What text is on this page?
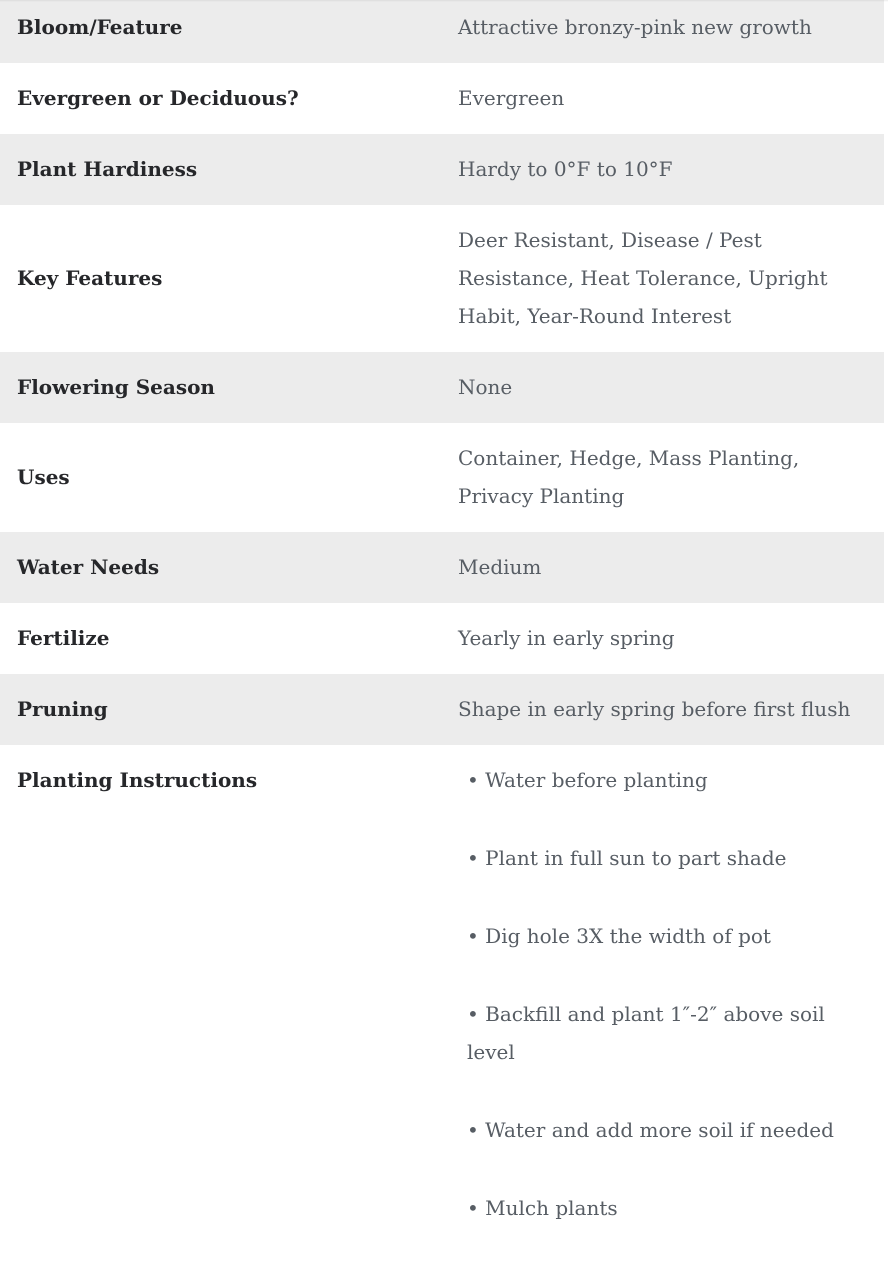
Bloom/Feature	Attractive bronzy-pink new growth
Evergreen or Deciduous?	Evergreen
Plant Hardiness	Hardy to 0°F to 10°F
Key Features	Deer Resistant, Disease / Pest Resistance, Heat Tolerance, Upright Habit, Year-Round Interest
Flowering Season	None
Uses	Container, Hedge, Mass Planting, Privacy Planting
Water Needs	Medium
Fertilize	Yearly in early spring
Pruning	Shape in early spring before first flush
Planting Instructions	

•Water before planting

• Plant in full sun to part shade

• Dig hole 3X the width of pot

• Backfill and plant 1″-2″ above soil level

• Water and add more soil if needed

• Mulch plants
